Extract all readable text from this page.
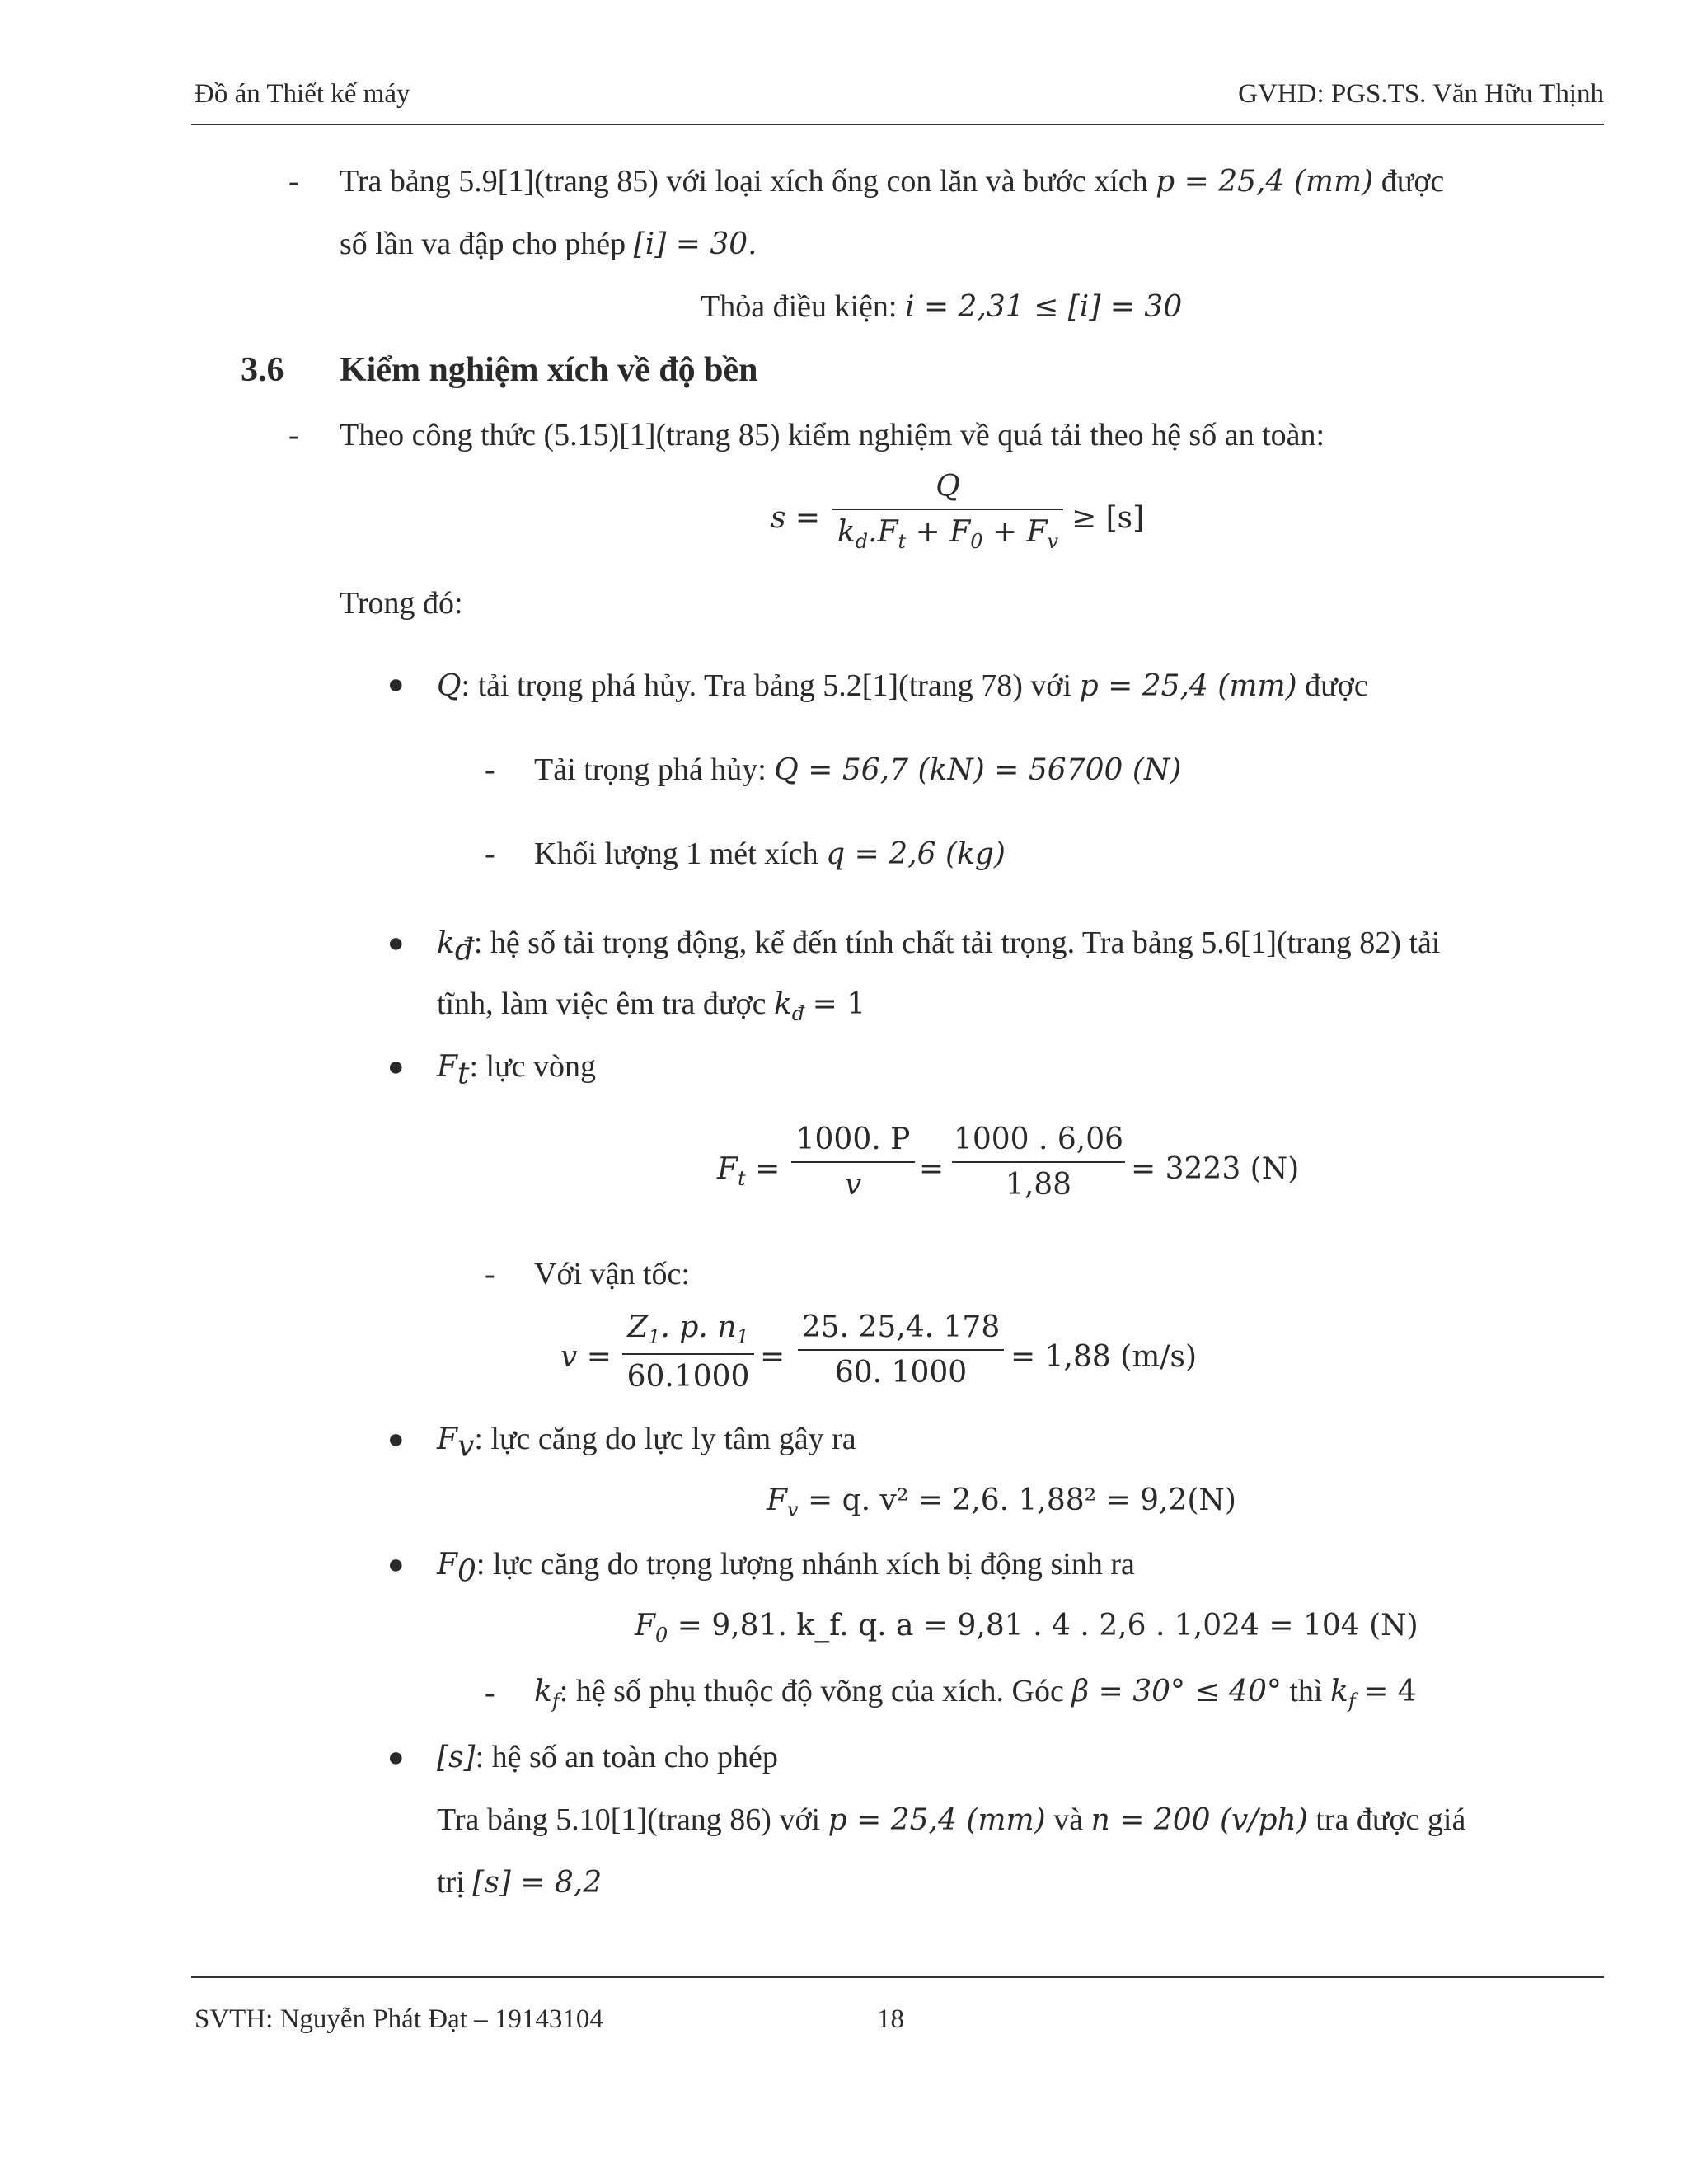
Đồ án Thiết kế máy	GVHD: PGS.TS. Văn Hữu Thịnh
- Tra bảng 5.9[1](trang 85) với loại xích ống con lăn và bước xích p = 25,4 (mm) được
số lần va đập cho phép [i] = 30.
Thỏa điều kiện: i = 2,31 ≤ [i] = 30
3.6 Kiểm nghiệm xích về độ bền
- Theo công thức (5.15)[1](trang 85) kiểm nghiệm về quá tải theo hệ số an toàn:
s =
Q
$k_d.F_t + F_0 + F_v$
≥ [s]
Trong đó:
● Q: tải trọng phá hủy. Tra bảng 5.2[1](trang 78) với p = 25,4 (mm) được
- Tải trọng phá hủy: Q = 56,7 (kN) = 56700 (N)
- Khối lượng 1 mét xích q = 2,6 (kg)
● $k_đ$: hệ số tải trọng động, kể đến tính chất tải trọng. Tra bảng 5.6[1](trang 82) tải
tĩnh, làm việc êm tra được $k_đ = 1$
● $F_t$: lực vòng
$F_t$ =
1000. P
v =
1000 . 6,06
1,88 = 3223 (N)
- Với vận tốc:
v =
$Z_1$. p. $n_1$
60.1000
=
25. 25,4. 178
60. 1000 = 1,88 (m/s)
● $F_v$: lực căng do lực ly tâm gây ra
$F_v = q$. v² = 2,6. 1,88² = 9,2(N)
● $F_0$: lực căng do trọng lượng nhánh xích bị động sinh ra
$F_0 = 9,81$. k_f. q. a = 9,81 . 4 . 2,6 . 1,024 = 104 (N)
- $k_f$: hệ số phụ thuộc độ võng của xích. Góc β = 30° ≤ 40° thì $k_f = 4$
● [s]: hệ số an toàn cho phép
Tra bảng 5.10[1](trang 86) với p = 25,4 (mm) và n = 200 (v/ph) tra được giá
trị [s] = 8,2
SVTH: Nguyễn Phát Đạt – 19143104	18
